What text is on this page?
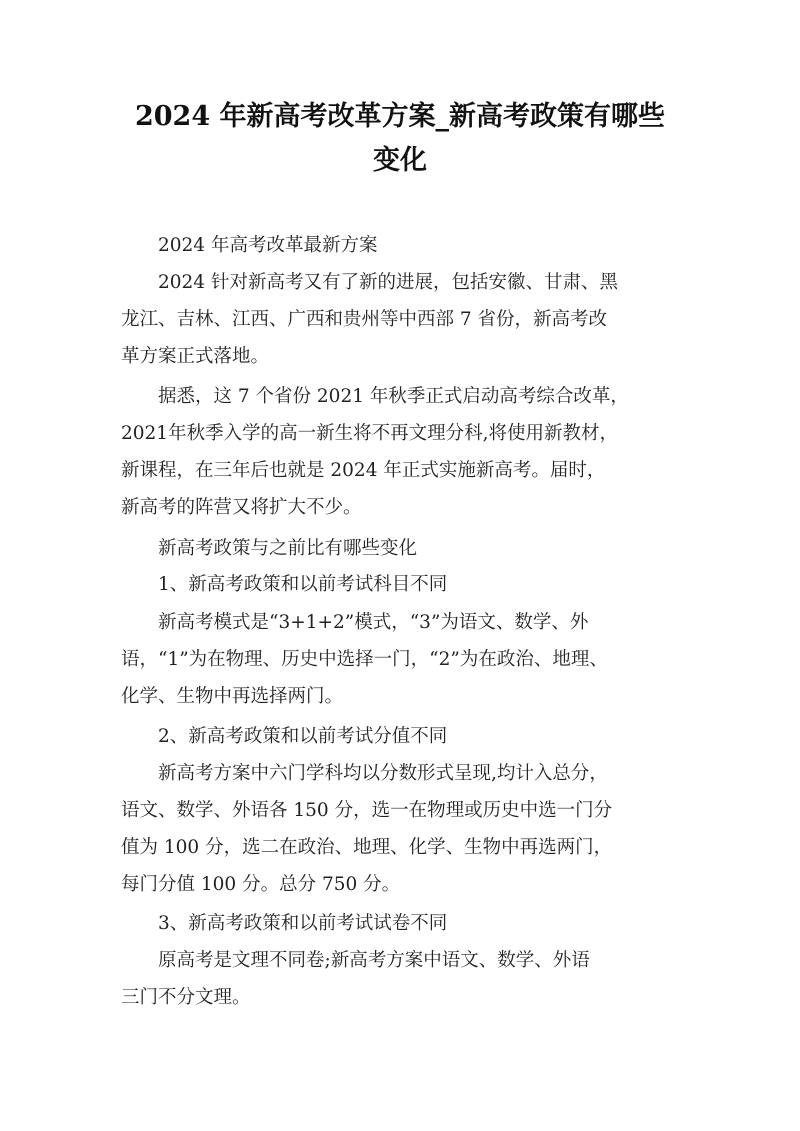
2024 年新高考改革方案_新高考政策有哪些
变化
　　2024 年高考改革最新方案
　　2024 针对新高考又有了新的进展，包括安徽、甘肃、黑
龙江、吉林、江西、广西和贵州等中西部 7 省份，新高考改
革方案正式落地。
　　据悉，这 7 个省份 2021 年秋季正式启动高考综合改革，
2021年秋季入学的高一新生将不再文理分科,将使用新教材，
新课程，在三年后也就是 2024 年正式实施新高考。届时，
新高考的阵营又将扩大不少。
　　新高考政策与之前比有哪些变化
　　1、新高考政策和以前考试科目不同
　　新高考模式是“3+1+2”模式，“3”为语文、数学、外
语，“1”为在物理、历史中选择一门，“2”为在政治、地理、
化学、生物中再选择两门。
　　2、新高考政策和以前考试分值不同
　　新高考方案中六门学科均以分数形式呈现,均计入总分，
语文、数学、外语各 150 分，选一在物理或历史中选一门分
值为 100 分，选二在政治、地理、化学、生物中再选两门，
每门分值 100 分。总分 750 分。
　　3、新高考政策和以前考试试卷不同
　　原高考是文理不同卷;新高考方案中语文、数学、外语
三门不分文理。
